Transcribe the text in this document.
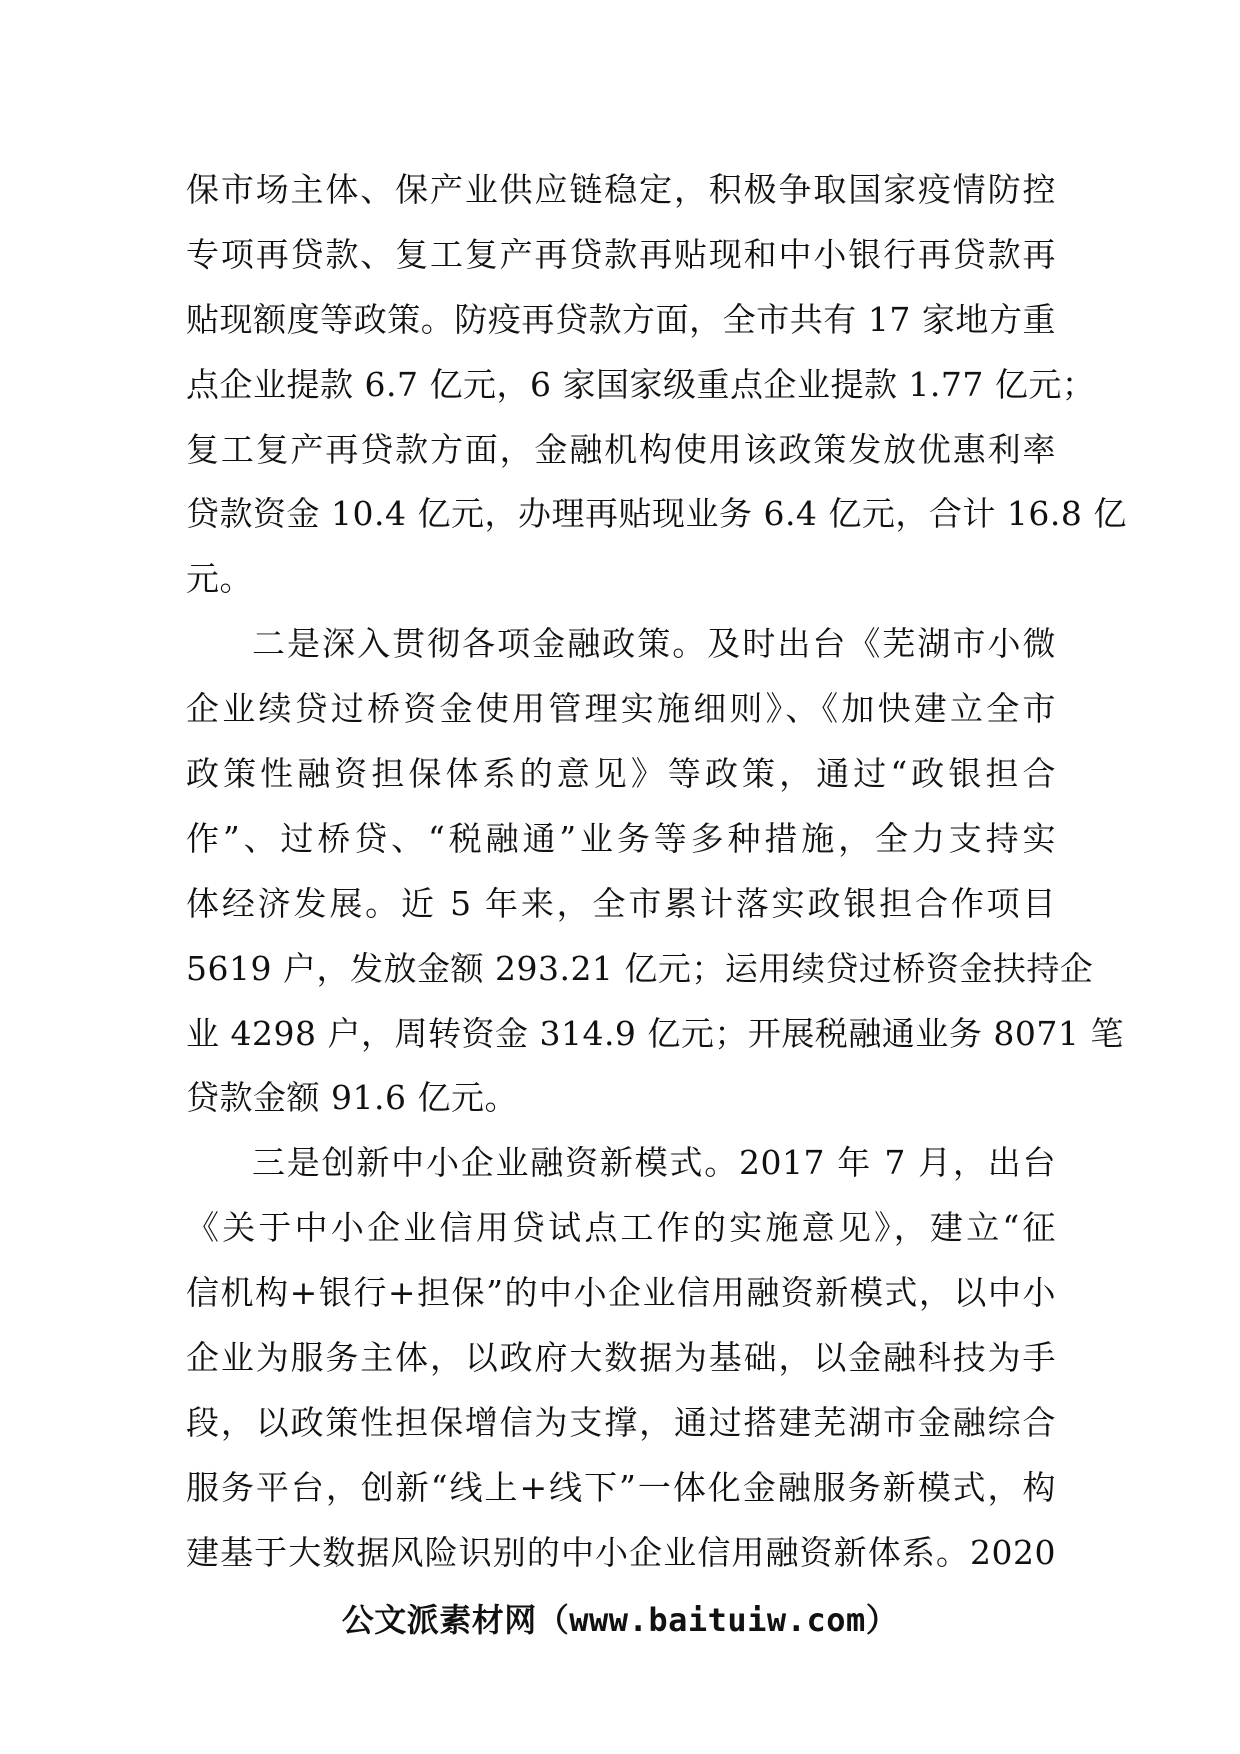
保市场主体、保产业供应链稳定，积极争取国家疫情防控
专项再贷款、复工复产再贷款再贴现和中小银行再贷款再
贴现额度等政策。防疫再贷款方面，全市共有 17 家地方重
点企业提款 6.7 亿元，6 家国家级重点企业提款 1.77 亿元；
复工复产再贷款方面，金融机构使用该政策发放优惠利率
贷款资金 10.4 亿元，办理再贴现业务 6.4 亿元，合计 16.8 亿
元。
二是深入贯彻各项金融政策。及时出台《芜湖市小微
企业续贷过桥资金使用管理实施细则》、《加快建立全市
政策性融资担保体系的意见》等政策，通过“政银担合
作”、过桥贷、“税融通”业务等多种措施，全力支持实
体经济发展。近 5 年来，全市累计落实政银担合作项目
5619 户，发放金额 293.21 亿元；运用续贷过桥资金扶持企
业 4298 户，周转资金 314.9 亿元；开展税融通业务 8071 笔
贷款金额 91.6 亿元。
三是创新中小企业融资新模式。2017 年 7 月，出台
《关于中小企业信用贷试点工作的实施意见》，建立“征
信机构+银行+担保”的中小企业信用融资新模式，以中小
企业为服务主体，以政府大数据为基础，以金融科技为手
段，以政策性担保增信为支撑，通过搭建芜湖市金融综合
服务平台，创新“线上+线下”一体化金融服务新模式，构
建基于大数据风险识别的中小企业信用融资新体系。2020
公文派素材网（www.baituiw.com）
